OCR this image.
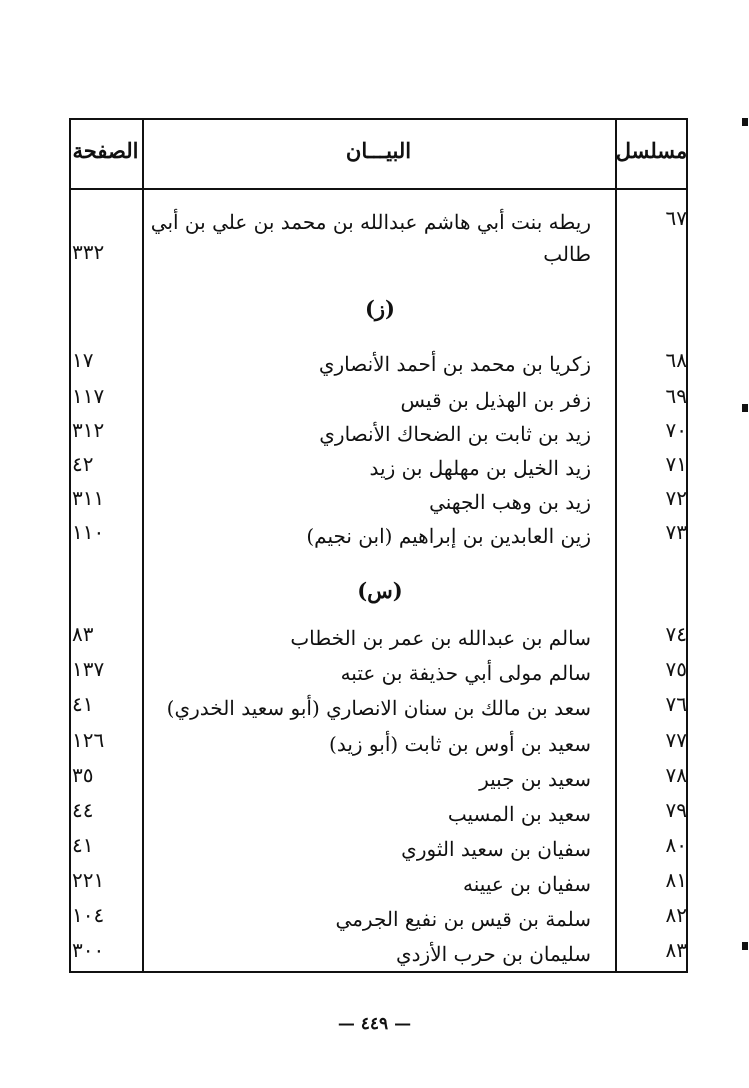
مسلسل
البيـــان
الصفحة
٦٧
ريطه بنت أبي هاشم عبدالله بن محمد بن علي بن أبي طالب
٣٣٢
(ز)
٦٨
زكريا بن محمد بن أحمد الأنصاري
١٧
٦٩
زفر بن الهذيل بن قيس
١١٧
٧٠
زيد بن ثابت بن الضحاك الأنصاري
٣١٢
٧١
زيد الخيل بن مهلهل بن زيد
٤٢
٧٢
زيد بن وهب الجهني
٣١١
٧٣
زين العابدين بن إبراهيم (ابن نجيم)
١١٠
(س)
٧٤
سالم بن عبدالله بن عمر بن الخطاب
٨٣
٧٥
سالم مولى أبي حذيفة بن عتبه
١٣٧
٧٦
سعد بن مالك بن سنان الانصاري (أبو سعيد الخدري)
٤١
٧٧
سعيد بن أوس بن ثابت (أبو زيد)
١٢٦
٧٨
سعيد بن جبير
٣٥
٧٩
سعيد بن المسيب
٤٤
٨٠
سفيان بن سعيد الثوري
٤١
٨١
سفيان بن عيينه
٢٢١
٨٢
سلمة بن قيس بن نفيع الجرمي
١٠٤
٨٣
سليمان بن حرب الأزدي
٣٠٠
— ٤٤٩ —
